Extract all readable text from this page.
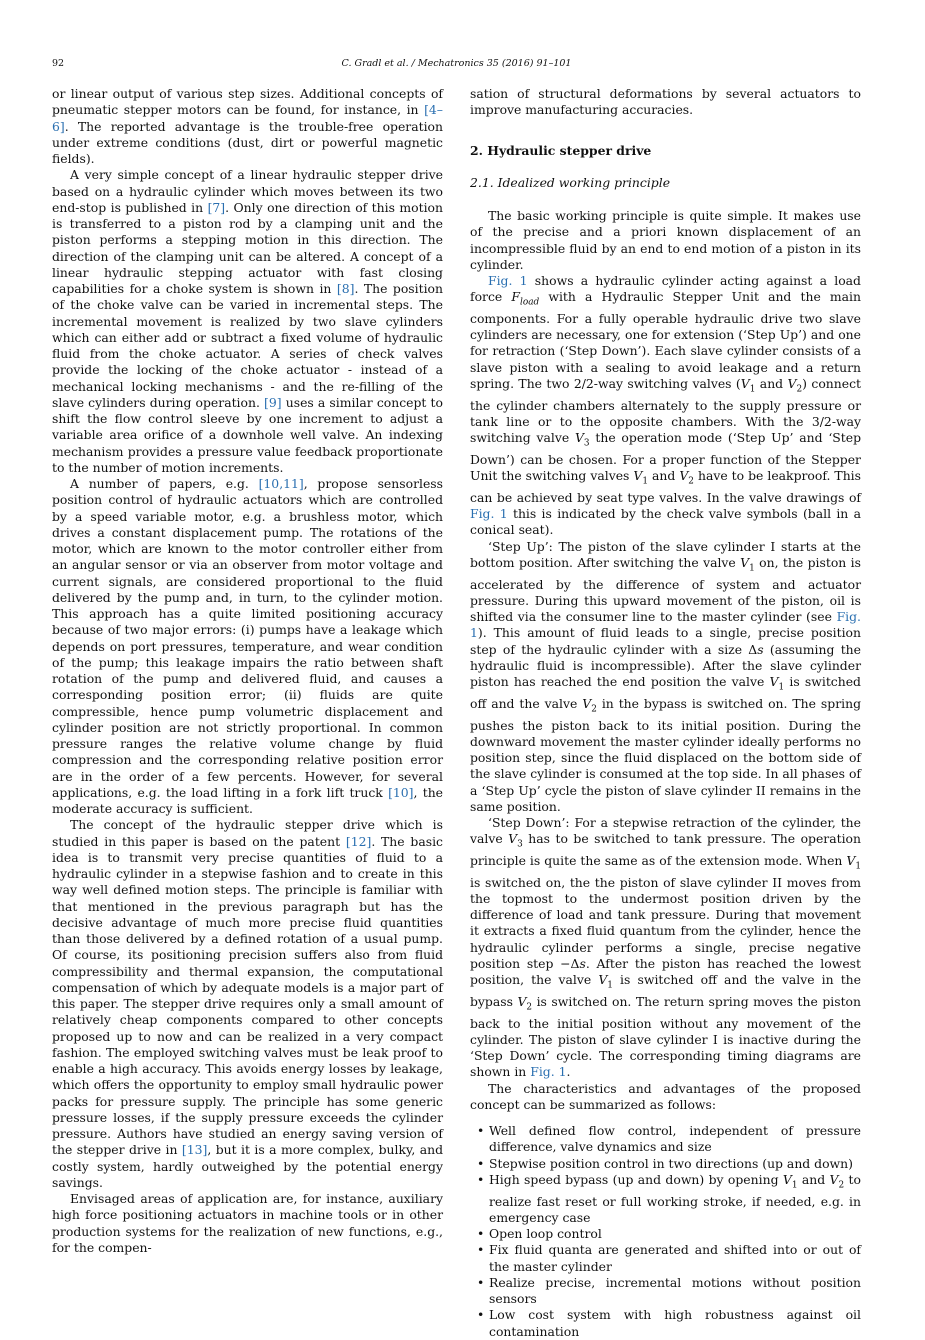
92	C. Gradl et al. / Mechatronics 35 (2016) 91–101

or linear output of various step sizes. Additional concepts of pneumatic stepper motors can be found, for instance, in [4–6]. The reported advantage is the trouble-free operation under extreme conditions (dust, dirt or powerful magnetic fields).

A very simple concept of a linear hydraulic stepper drive based on a hydraulic cylinder which moves between its two end-stop is published in [7]. Only one direction of this motion is transferred to a piston rod by a clamping unit and the piston performs a stepping motion in this direction. The direction of the clamping unit can be altered. A concept of a linear hydraulic stepping actuator with fast closing capabilities for a choke system is shown in [8]. The position of the choke valve can be varied in incremental steps. The incremental movement is realized by two slave cylinders which can either add or subtract a fixed volume of hydraulic fluid from the choke actuator. A series of check valves provide the locking of the choke actuator - instead of a mechanical locking mechanisms - and the re-filling of the slave cylinders during operation. [9] uses a similar concept to shift the flow control sleeve by one increment to adjust a variable area orifice of a downhole well valve. An indexing mechanism provides a pressure value feedback proportionate to the number of motion increments.

A number of papers, e.g. [10,11], propose sensorless position control of hydraulic actuators which are controlled by a speed variable motor, e.g. a brushless motor, which drives a constant displacement pump. The rotations of the motor, which are known to the motor controller either from an angular sensor or via an observer from motor voltage and current signals, are considered proportional to the fluid delivered by the pump and, in turn, to the cylinder motion. This approach has a quite limited positioning accuracy because of two major errors: (i) pumps have a leakage which depends on port pressures, temperature, and wear condition of the pump; this leakage impairs the ratio between shaft rotation of the pump and delivered fluid, and causes a corresponding position error; (ii) fluids are quite compressible, hence pump volumetric displacement and cylinder position are not strictly proportional. In common pressure ranges the relative volume change by fluid compression and the corresponding relative position error are in the order of a few percents. However, for several applications, e.g. the load lifting in a fork lift truck [10], the moderate accuracy is sufficient.

The concept of the hydraulic stepper drive which is studied in this paper is based on the patent [12]. The basic idea is to transmit very precise quantities of fluid to a hydraulic cylinder in a stepwise fashion and to create in this way well defined motion steps. The principle is familiar with that mentioned in the previous paragraph but has the decisive advantage of much more precise fluid quantities than those delivered by a defined rotation of a usual pump. Of course, its positioning precision suffers also from fluid compressibility and thermal expansion, the computational compensation of which by adequate models is a major part of this paper. The stepper drive requires only a small amount of relatively cheap components compared to other concepts proposed up to now and can be realized in a very compact fashion. The employed switching valves must be leak proof to enable a high accuracy. This avoids energy losses by leakage, which offers the opportunity to employ small hydraulic power packs for pressure supply. The principle has some generic pressure losses, if the supply pressure exceeds the cylinder pressure. Authors have studied an energy saving version of the stepper drive in [13], but it is a more complex, bulky, and costly system, hardly outweighed by the potential energy savings.

Envisaged areas of application are, for instance, auxiliary high force positioning actuators in machine tools or in other production systems for the realization of new functions, e.g., for the compen-

sation of structural deformations by several actuators to improve manufacturing accuracies.

2. Hydraulic stepper drive
2.1. Idealized working principle

The basic working principle is quite simple. It makes use of the precise and a priori known displacement of an incompressible fluid by an end to end motion of a piston in its cylinder.

Fig. 1 shows a hydraulic cylinder acting against a load force $F_{load}$ with a Hydraulic Stepper Unit and the main components. For a fully operable hydraulic drive two slave cylinders are necessary, one for extension (‘Step Up’) and one for retraction (‘Step Down’). Each slave cylinder consists of a slave piston with a sealing to avoid leakage and a return spring. The two 2/2-way switching valves ($V_1$ and $V_2$) connect the cylinder chambers alternately to the supply pressure or tank line or to the opposite chambers. With the 3/2-way switching valve $V_3$ the operation mode (‘Step Up’ and ‘Step Down’) can be chosen. For a proper function of the Stepper Unit the switching valves $V_1$ and $V_2$ have to be leakproof. This can be achieved by seat type valves. In the valve drawings of Fig. 1 this is indicated by the check valve symbols (ball in a conical seat).

‘Step Up’: The piston of the slave cylinder I starts at the bottom position. After switching the valve $V_1$ on, the piston is accelerated by the difference of system and actuator pressure. During this upward movement of the piston, oil is shifted via the consumer line to the master cylinder (see Fig. 1). This amount of fluid leads to a single, precise position step of the hydraulic cylinder with a size Δs (assuming the hydraulic fluid is incompressible). After the slave cylinder piston has reached the end position the valve $V_1$ is switched off and the valve $V_2$ in the bypass is switched on. The spring pushes the piston back to its initial position. During the downward movement the master cylinder ideally performs no position step, since the fluid displaced on the bottom side of the slave cylinder is consumed at the top side. In all phases of a ‘Step Up’ cycle the piston of slave cylinder II remains in the same position.

‘Step Down’: For a stepwise retraction of the cylinder, the valve $V_3$ has to be switched to tank pressure. The operation principle is quite the same as of the extension mode. When $V_1$ is switched on, the the piston of slave cylinder II moves from the topmost to the undermost position driven by the difference of load and tank pressure. During that movement it extracts a fixed fluid quantum from the cylinder, hence the hydraulic cylinder performs a single, precise negative position step −Δs. After the piston has reached the lowest position, the valve $V_1$ is switched off and the valve in the bypass $V_2$ is switched on. The return spring moves the piston back to the initial position without any movement of the cylinder. The piston of slave cylinder I is inactive during the ‘Step Down’ cycle. The corresponding timing diagrams are shown in Fig. 1.

The characteristics and advantages of the proposed concept can be summarized as follows:

• Well defined flow control, independent of pressure difference, valve dynamics and size
• Stepwise position control in two directions (up and down)
• High speed bypass (up and down) by opening $V_1$ and $V_2$ to realize fast reset or full working stroke, if needed, e.g. in emergency case
• Open loop control
• Fix fluid quanta are generated and shifted into or out of the master cylinder
• Realize precise, incremental motions without position sensors
• Low cost system with high robustness against oil contamination
